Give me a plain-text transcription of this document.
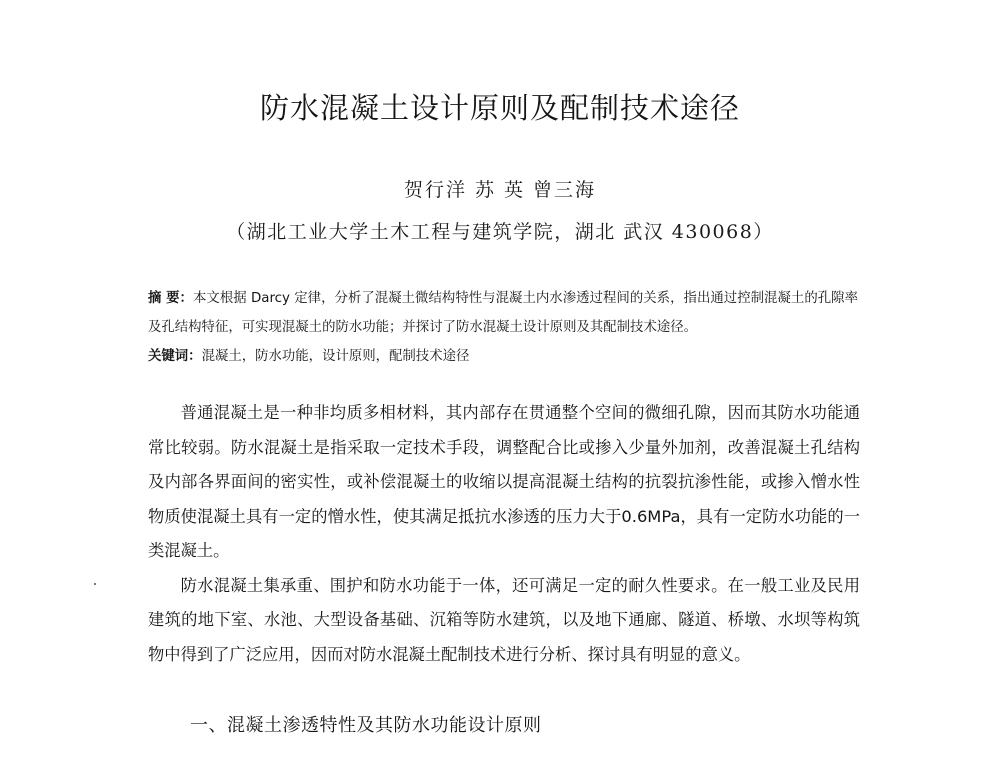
防水混凝土设计原则及配制技术途径
贺行洋 苏 英 曾三海
（湖北工业大学土木工程与建筑学院，湖北 武汉 430068）
摘 要：本文根据 Darcy 定律，分析了混凝土微结构特性与混凝土内水渗透过程间的关系，指出通过控制混凝土的孔隙率及孔结构特征，可实现混凝土的防水功能；并探讨了防水混凝土设计原则及其配制技术途径。
关键词：混凝土，防水功能，设计原则，配制技术途径

普通混凝土是一种非均质多相材料，其内部存在贯通整个空间的微细孔隙，因而其防水功能通常比较弱。防水混凝土是指采取一定技术手段，调整配合比或掺入少量外加剂，改善混凝土孔结构及内部各界面间的密实性，或补偿混凝土的收缩以提高混凝土结构的抗裂抗渗性能，或掺入憎水性物质使混凝土具有一定的憎水性，使其满足抵抗水渗透的压力大于0.6MPa，具有一定防水功能的一类混凝土。

防水混凝土集承重、围护和防水功能于一体，还可满足一定的耐久性要求。在一般工业及民用建筑的地下室、水池、大型设备基础、沉箱等防水建筑，以及地下通廊、隧道、桥墩、水坝等构筑物中得到了广泛应用，因而对防水混凝土配制技术进行分析、探讨具有明显的意义。

一、混凝土渗透特性及其防水功能设计原则
